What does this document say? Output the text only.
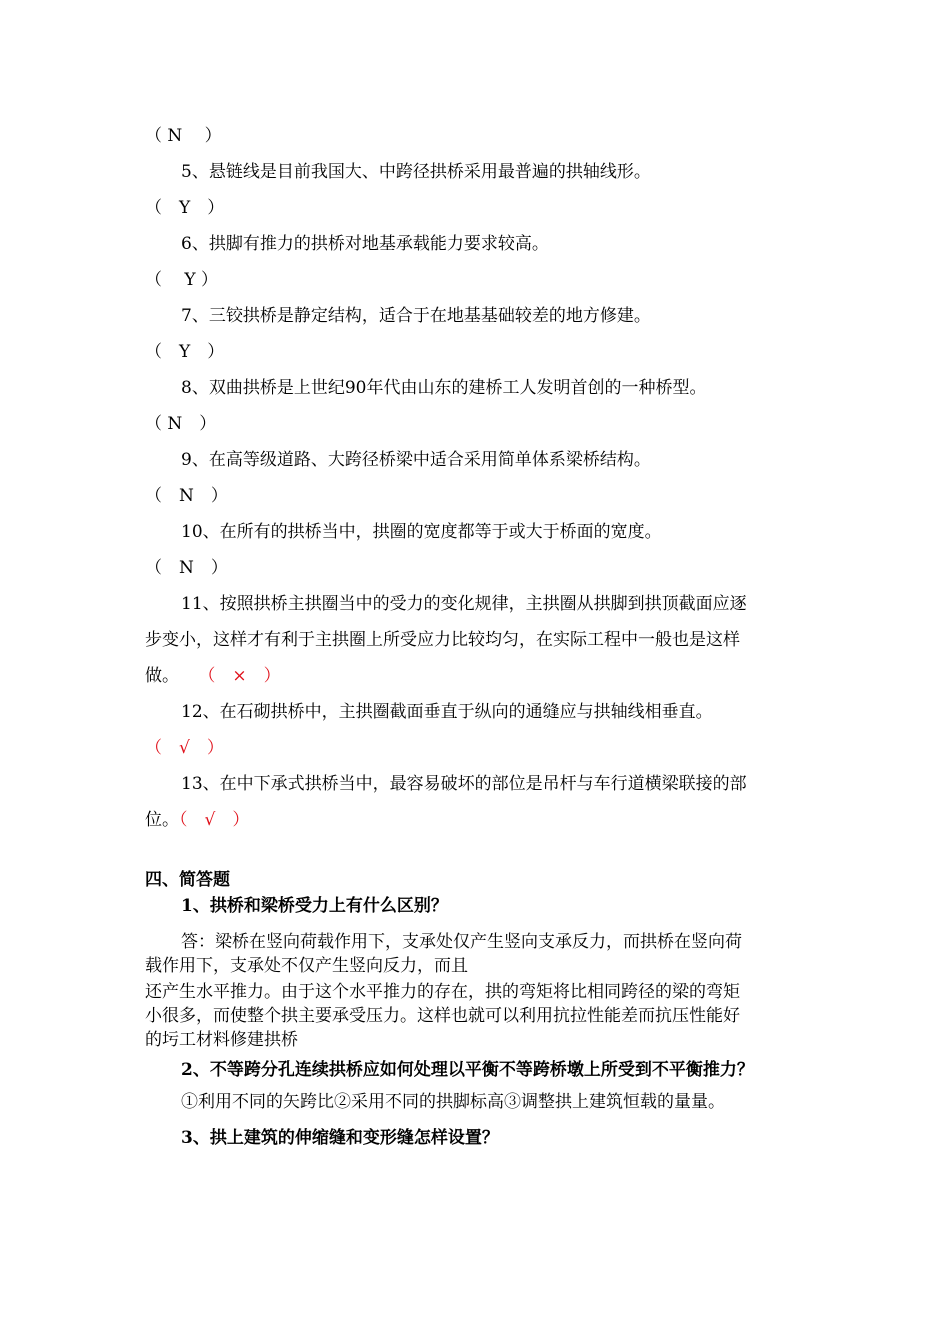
（ N　 ）
5、悬链线是目前我国大、中跨径拱桥采用最普遍的拱轴线形。
（　Y　）
6、拱脚有推力的拱桥对地基承载能力要求较高。
（　 Y ）
7、三铰拱桥是静定结构，适合于在地基基础较差的地方修建。
（　Y　）
8、双曲拱桥是上世纪90年代由山东的建桥工人发明首创的一种桥型。
（ N　）
9、在高等级道路、大跨径桥梁中适合采用简单体系梁桥结构。
（　N　）
10、在所有的拱桥当中，拱圈的宽度都等于或大于桥面的宽度。
（　N　）
11、按照拱桥主拱圈当中的受力的变化规律，主拱圈从拱脚到拱顶截面应逐
步变小，这样才有利于主拱圈上所受应力比较均匀，在实际工程中一般也是这样
做。 （　×　）
12、在石砌拱桥中，主拱圈截面垂直于纵向的通缝应与拱轴线相垂直。
（　√　）
13、在中下承式拱桥当中，最容易破坏的部位是吊杆与车行道横梁联接的部
位。（　√　）
四、简答题
1、拱桥和梁桥受力上有什么区别？
答：梁桥在竖向荷载作用下，支承处仅产生竖向支承反力，而拱桥在竖向荷
载作用下，支承处不仅产生竖向反力，而且
还产生水平推力。由于这个水平推力的存在，拱的弯矩将比相同跨径的梁的弯矩
小很多，而使整个拱主要承受压力。这样也就可以利用抗拉性能差而抗压性能好
的圬工材料修建拱桥
2、不等跨分孔连续拱桥应如何处理以平衡不等跨桥墩上所受到不平衡推力？
①利用不同的矢跨比②采用不同的拱脚标高③调整拱上建筑恒载的量量。
3、拱上建筑的伸缩缝和变形缝怎样设置？
